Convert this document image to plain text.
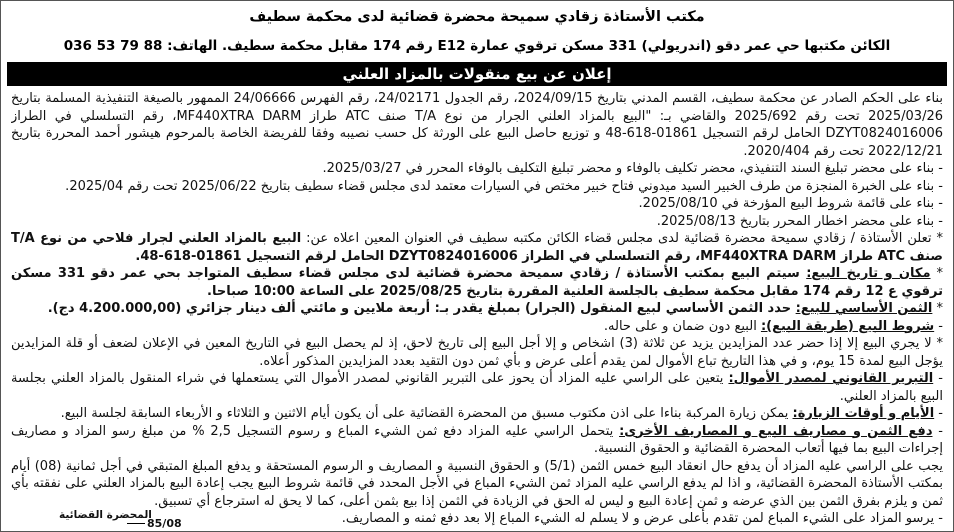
مكتب الأستاذة زقادي سميحة محضرة قضائية لدى محكمة سطيف
الكائن مكتبها حي عمر دقو (اندريولي) 331 مسكن ترقوي عمارة E12 رقم 174 مقابل محكمة سطيف. الهاتف: 036 53 79 88
إعلان عن بيع منقولات بالمزاد العلني

بناء على الحكم الصادر عن محكمة سطيف، القسم المدني بتاريخ 2024/09/15، رقم الجدول 24/02171، رقم الفهرس 24/06666 الممهور بالصيغة التنفيذية المسلمة بتاريخ 2025/03/26 تحت رقم 2025/692 والقاضي بـ: "البيع بالمزاد العلني الجرار من نوع T/A صنف ATC طراز MF440XTRA DARM، رقم التسلسلي في الطراز DZYT0824016006 الحامل لرقم التسجيل 01861-618-48 و توزيع حاصل البيع على الورثة كل حسب نصيبه وفقا للفريضة الخاصة بالمرحوم هيشور أحمد المحررة بتاريخ 2022/12/21 تحت رقم 2020/404.

- بناء على محضر تبليغ السند التنفيذي، محضر تكليف بالوفاء و محضر تبليغ التكليف بالوفاء المحرر في 2025/03/27.

- بناء على الخبرة المنجزة من طرف الخبير السيد ميدوني فتاح خبير مختص في السيارات معتمد لدى مجلس قضاء سطيف بتاريخ 2025/06/22 تحت رقم 2025/04.

- بناء على قائمة شروط البيع المؤرخة في 2025/08/10.

- بناء على محضر اخطار المحرر بتاريخ 2025/08/13.

* تعلن الأستاذة / زقادي سميحة محضرة قضائية لدى مجلس قضاء الكائن مكتبه سطيف في العنوان المعين اعلاه عن: البيع بالمزاد العلني لجرار فلاحي من نوع T/A صنف ATC طراز MF440XTRA DARM، رقم التسلسلي في الطراز DZYT0824016006 الحامل لرقم التسجيل 01861-618-48.

* مكان و تاريخ البيع: سيتم البيع بمكتب الأستاذة / زقادي سميحة محضرة قضائية لدى مجلس قضاء سطيف المتواجد بحي عمر دقو 331 مسكن ترقوي ع 12 رقم 174 مقابل محكمة سطيف بالجلسة العلنية المقررة بتاريخ 2025/08/25 على الساعة 10:00 صباحا.

* الثمن الأساسي للبيع: حدد الثمن الأساسي لبيع المنقول (الجرار) بمبلغ يقدر بـ: أربعة ملايين و مائتي ألف دينار جزائري (4.200.000,00 دج).

- شروط البيع (طريقة البيع): البيع دون ضمان و على حاله.

* لا يجري البيع إلا إذا حضر عدد المزايدين يزيد عن ثلاثة (3) اشخاص و إلا أجل البيع إلى تاريخ لاحق، إذ لم يحصل البيع في التاريخ المعين في الإعلان لضعف أو قلة المزايدين يؤجل البيع لمدة 15 يوم، و في هذا التاريخ تباع الأموال لمن يقدم أعلى عرض و بأي ثمن دون التقيد بعدد المزايدين المذكور أعلاه.

- التبرير القانوني لمصدر الأموال: يتعين على الراسي عليه المزاد أن يحوز على التبرير القانوني لمصدر الأموال التي يستعملها في شراء المنقول بالمزاد العلني بجلسة البيع بالمزاد العلني.

- الأيام و أوقات الزيارة: يمكن زيارة المركبة بناءا على اذن مكتوب مسبق من المحضرة القضائية على أن يكون أيام الاثنين و الثلاثاء و الأربعاء السابقة لجلسة البيع.

- دفع الثمن و مصاريف البيع و المصاريف الأخرى: يتحمل الراسي عليه المزاد دفع ثمن الشيء المباع و رسوم التسجيل 2,5 % من مبلغ رسو المزاد و مصاريف إجراءات البيع بما فيها أتعاب المحضرة القضائية و الحقوق النسبية.

يجب على الراسي عليه المزاد أن يدفع حال انعقاد البيع خمس الثمن (5/1) و الحقوق النسبية و المصاريف و الرسوم المستحقة و يدفع المبلغ المتبقي في أجل ثمانية (08) أيام بمكتب الأستاذة المحضرة القضائية، و اذا لم يدفع الراسي عليه المزاد ثمن الشيء المباع في الأجل المحدد في قائمة شروط البيع يجب إعادة البيع بالمزاد العلني على نفقته بأي ثمن و يلزم بفرق الثمن بين الذي عرضه و ثمن إعادة البيع و ليس له الحق في الزيادة في الثمن إذا بيع بثمن أعلى، كما لا يحق له استرجاع أي تسبيق.

- يرسو المزاد على الشيء المباع لمن تقدم بأعلى عرض و لا يسلم له الشيء المباع إلا بعد دفع ثمنه و المصاريف.

المحضرة القضائية
85/08
